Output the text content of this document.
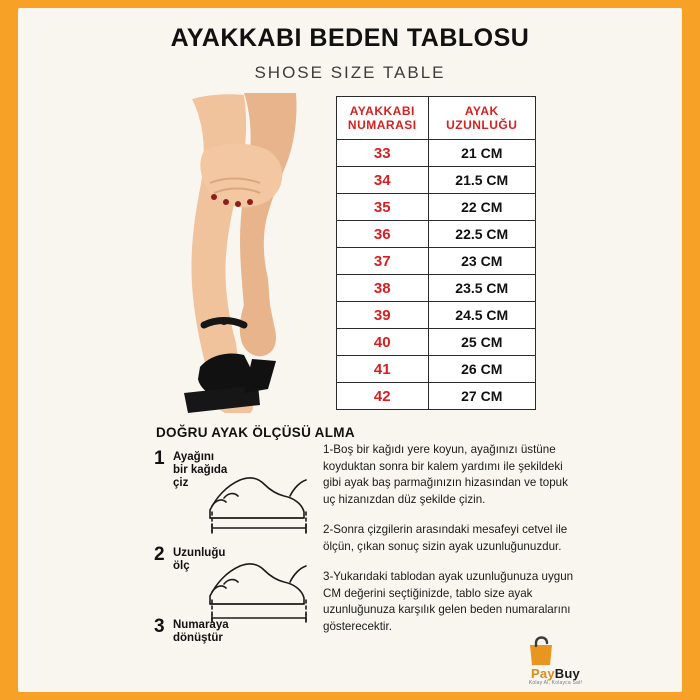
AYAKKABI BEDEN TABLOSU
SHOSE SIZE TABLE
AYAKKABI
NUMARASI	AYAK
UZUNLUĞU
33	21 CM
34	21.5 CM
35	22 CM
36	22.5 CM
37	23 CM
38	23.5 CM
39	24.5 CM
40	25 CM
41	26 CM
42	27 CM
DOĞRU AYAK ÖLÇÜSÜ ALMA
1 Ayağını
bir kağıda
çiz
2 Uzunluğu
ölç
3 Numaraya
dönüştür

1-Boş bir kağıdı yere koyun, ayağınızı üstüne koyduktan sonra bir kalem yardımı ile şekildeki gibi ayak baş parmağınızın hizasından ve topuk uç hizanızdan düz şekilde çizin.

2-Sonra çizgilerin arasındaki mesafeyi cetvel ile ölçün, çıkan sonuç sizin ayak uzunluğunuzdur.

3-Yukarıdaki tablodan ayak uzunluğunuza uygun CM değerini seçtiğinizde, tablo size ayak uzunluğunuza karşılık gelen beden numaralarını gösterecektir.

PayBuy
Kolay Al, Kolayca Sat!
